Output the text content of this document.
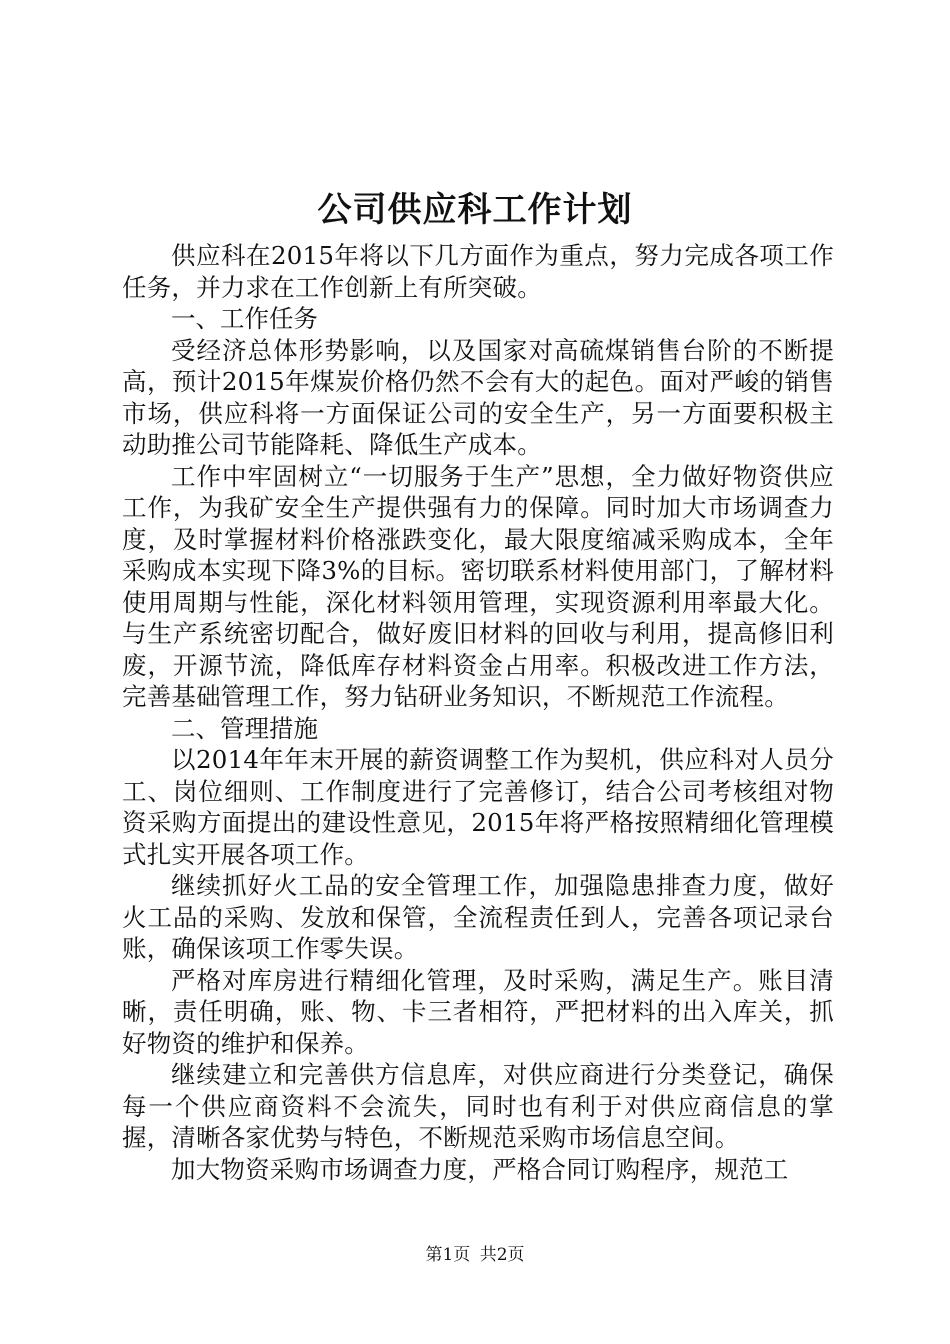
公司供应科工作计划

供应科在2015年将以下几方面作为重点，努力完成各项工作任务，并力求在工作创新上有所突破。

一、工作任务

受经济总体形势影响，以及国家对高硫煤销售台阶的不断提高，预计2015年煤炭价格仍然不会有大的起色。面对严峻的销售市场，供应科将一方面保证公司的安全生产，另一方面要积极主动助推公司节能降耗、降低生产成本。

工作中牢固树立“一切服务于生产”思想，全力做好物资供应工作，为我矿安全生产提供强有力的保障。同时加大市场调查力度，及时掌握材料价格涨跌变化，最大限度缩减采购成本，全年采购成本实现下降3%的目标。密切联系材料使用部门，了解材料使用周期与性能，深化材料领用管理，实现资源利用率最大化。与生产系统密切配合，做好废旧材料的回收与利用，提高修旧利废，开源节流，降低库存材料资金占用率。积极改进工作方法，完善基础管理工作，努力钻研业务知识，不断规范工作流程。

二、管理措施

以2014年年末开展的薪资调整工作为契机，供应科对人员分工、岗位细则、工作制度进行了完善修订，结合公司考核组对物资采购方面提出的建设性意见，2015年将严格按照精细化管理模式扎实开展各项工作。

继续抓好火工品的安全管理工作，加强隐患排查力度，做好火工品的采购、发放和保管，全流程责任到人，完善各项记录台账，确保该项工作零失误。

严格对库房进行精细化管理，及时采购，满足生产。账目清晰，责任明确，账、物、卡三者相符，严把材料的出入库关，抓好物资的维护和保养。

继续建立和完善供方信息库，对供应商进行分类登记，确保每一个供应商资料不会流失，同时也有利于对供应商信息的掌握，清晰各家优势与特色，不断规范采购市场信息空间。

加大物资采购市场调查力度，严格合同订购程序，规范工

第1页 共2页
